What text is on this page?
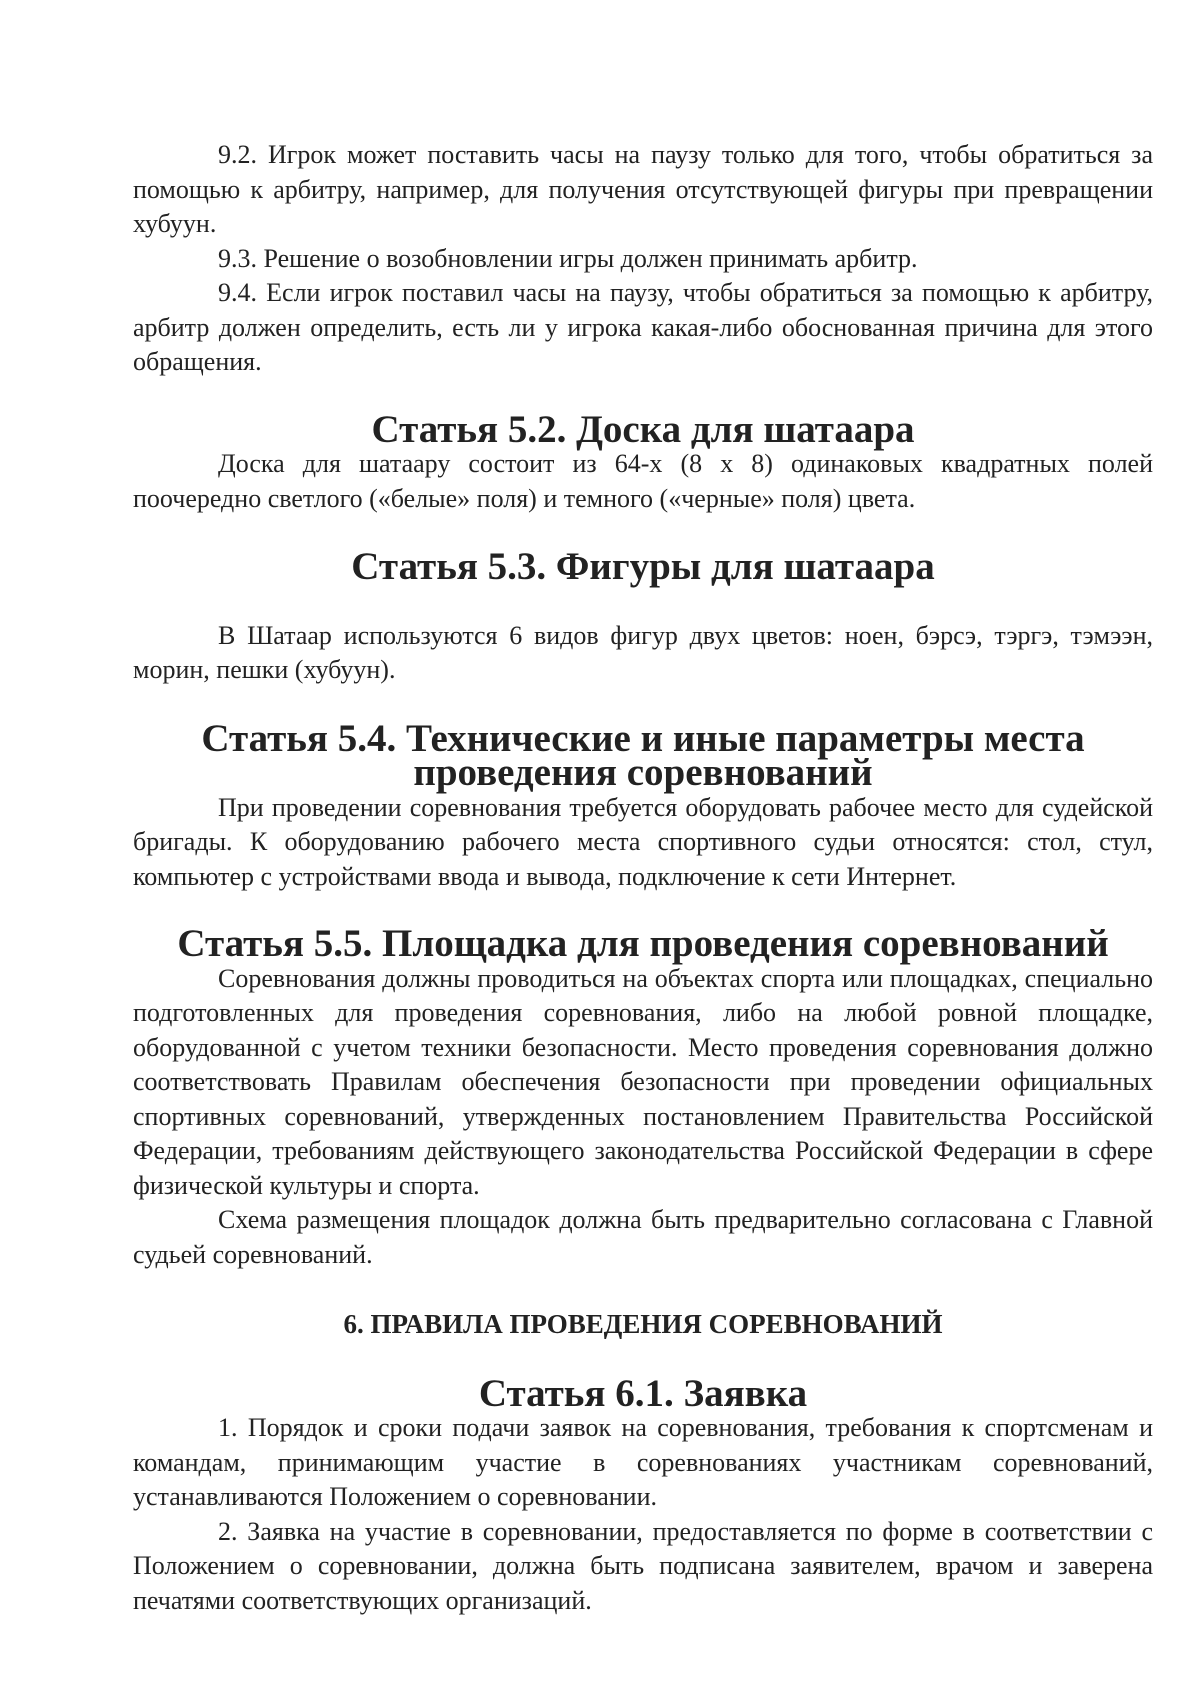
9.2. Игрок может поставить часы на паузу только для того, чтобы обратиться за помощью к арбитру, например, для получения отсутствующей фигуры при превращении хубуун.

9.3. Решение о возобновлении игры должен принимать арбитр.

9.4. Если игрок поставил часы на паузу, чтобы обратиться за помощью к арбитру, арбитр должен определить, есть ли у игрока какая-либо обоснованная причина для этого обращения.

Статья 5.2. Доска для шатаара

Доска для шатаару состоит из 64-х (8 х 8) одинаковых квадратных полей поочередно светлого («белые» поля) и темного («черные» поля) цвета.

Статья 5.3. Фигуры для шатаара

В Шатаар используются 6 видов фигур двух цветов: ноен, бэрсэ, тэргэ, тэмээн, морин, пешки (хубуун).

Статья 5.4. Технические и иные параметры места
проведения соревнований

При проведении соревнования требуется оборудовать рабочее место для судейской бригады. К оборудованию рабочего места спортивного судьи относятся: стол, стул, компьютер с устройствами ввода и вывода, подключение к сети Интернет.

Статья 5.5. Площадка для проведения соревнований

Соревнования должны проводиться на объектах спорта или площадках, специально подготовленных для проведения соревнования, либо на любой ровной площадке, оборудованной с учетом техники безопасности. Место проведения соревнования должно соответствовать Правилам обеспечения безопасности при проведении официальных спортивных соревнований, утвержденных постановлением Правительства Российской Федерации, требованиям действующего законодательства Российской Федерации в сфере физической культуры и спорта.

Схема размещения площадок должна быть предварительно согласована с Главной судьей соревнований.

6. ПРАВИЛА ПРОВЕДЕНИЯ СОРЕВНОВАНИЙ
Статья 6.1. Заявка

1. Порядок и сроки подачи заявок на соревнования, требования к спортсменам и командам, принимающим участие в соревнованиях участникам соревнований, устанавливаются Положением о соревновании.

2. Заявка на участие в соревновании, предоставляется по форме в соответствии с Положением о соревновании, должна быть подписана заявителем, врачом и заверена печатями соответствующих организаций.
